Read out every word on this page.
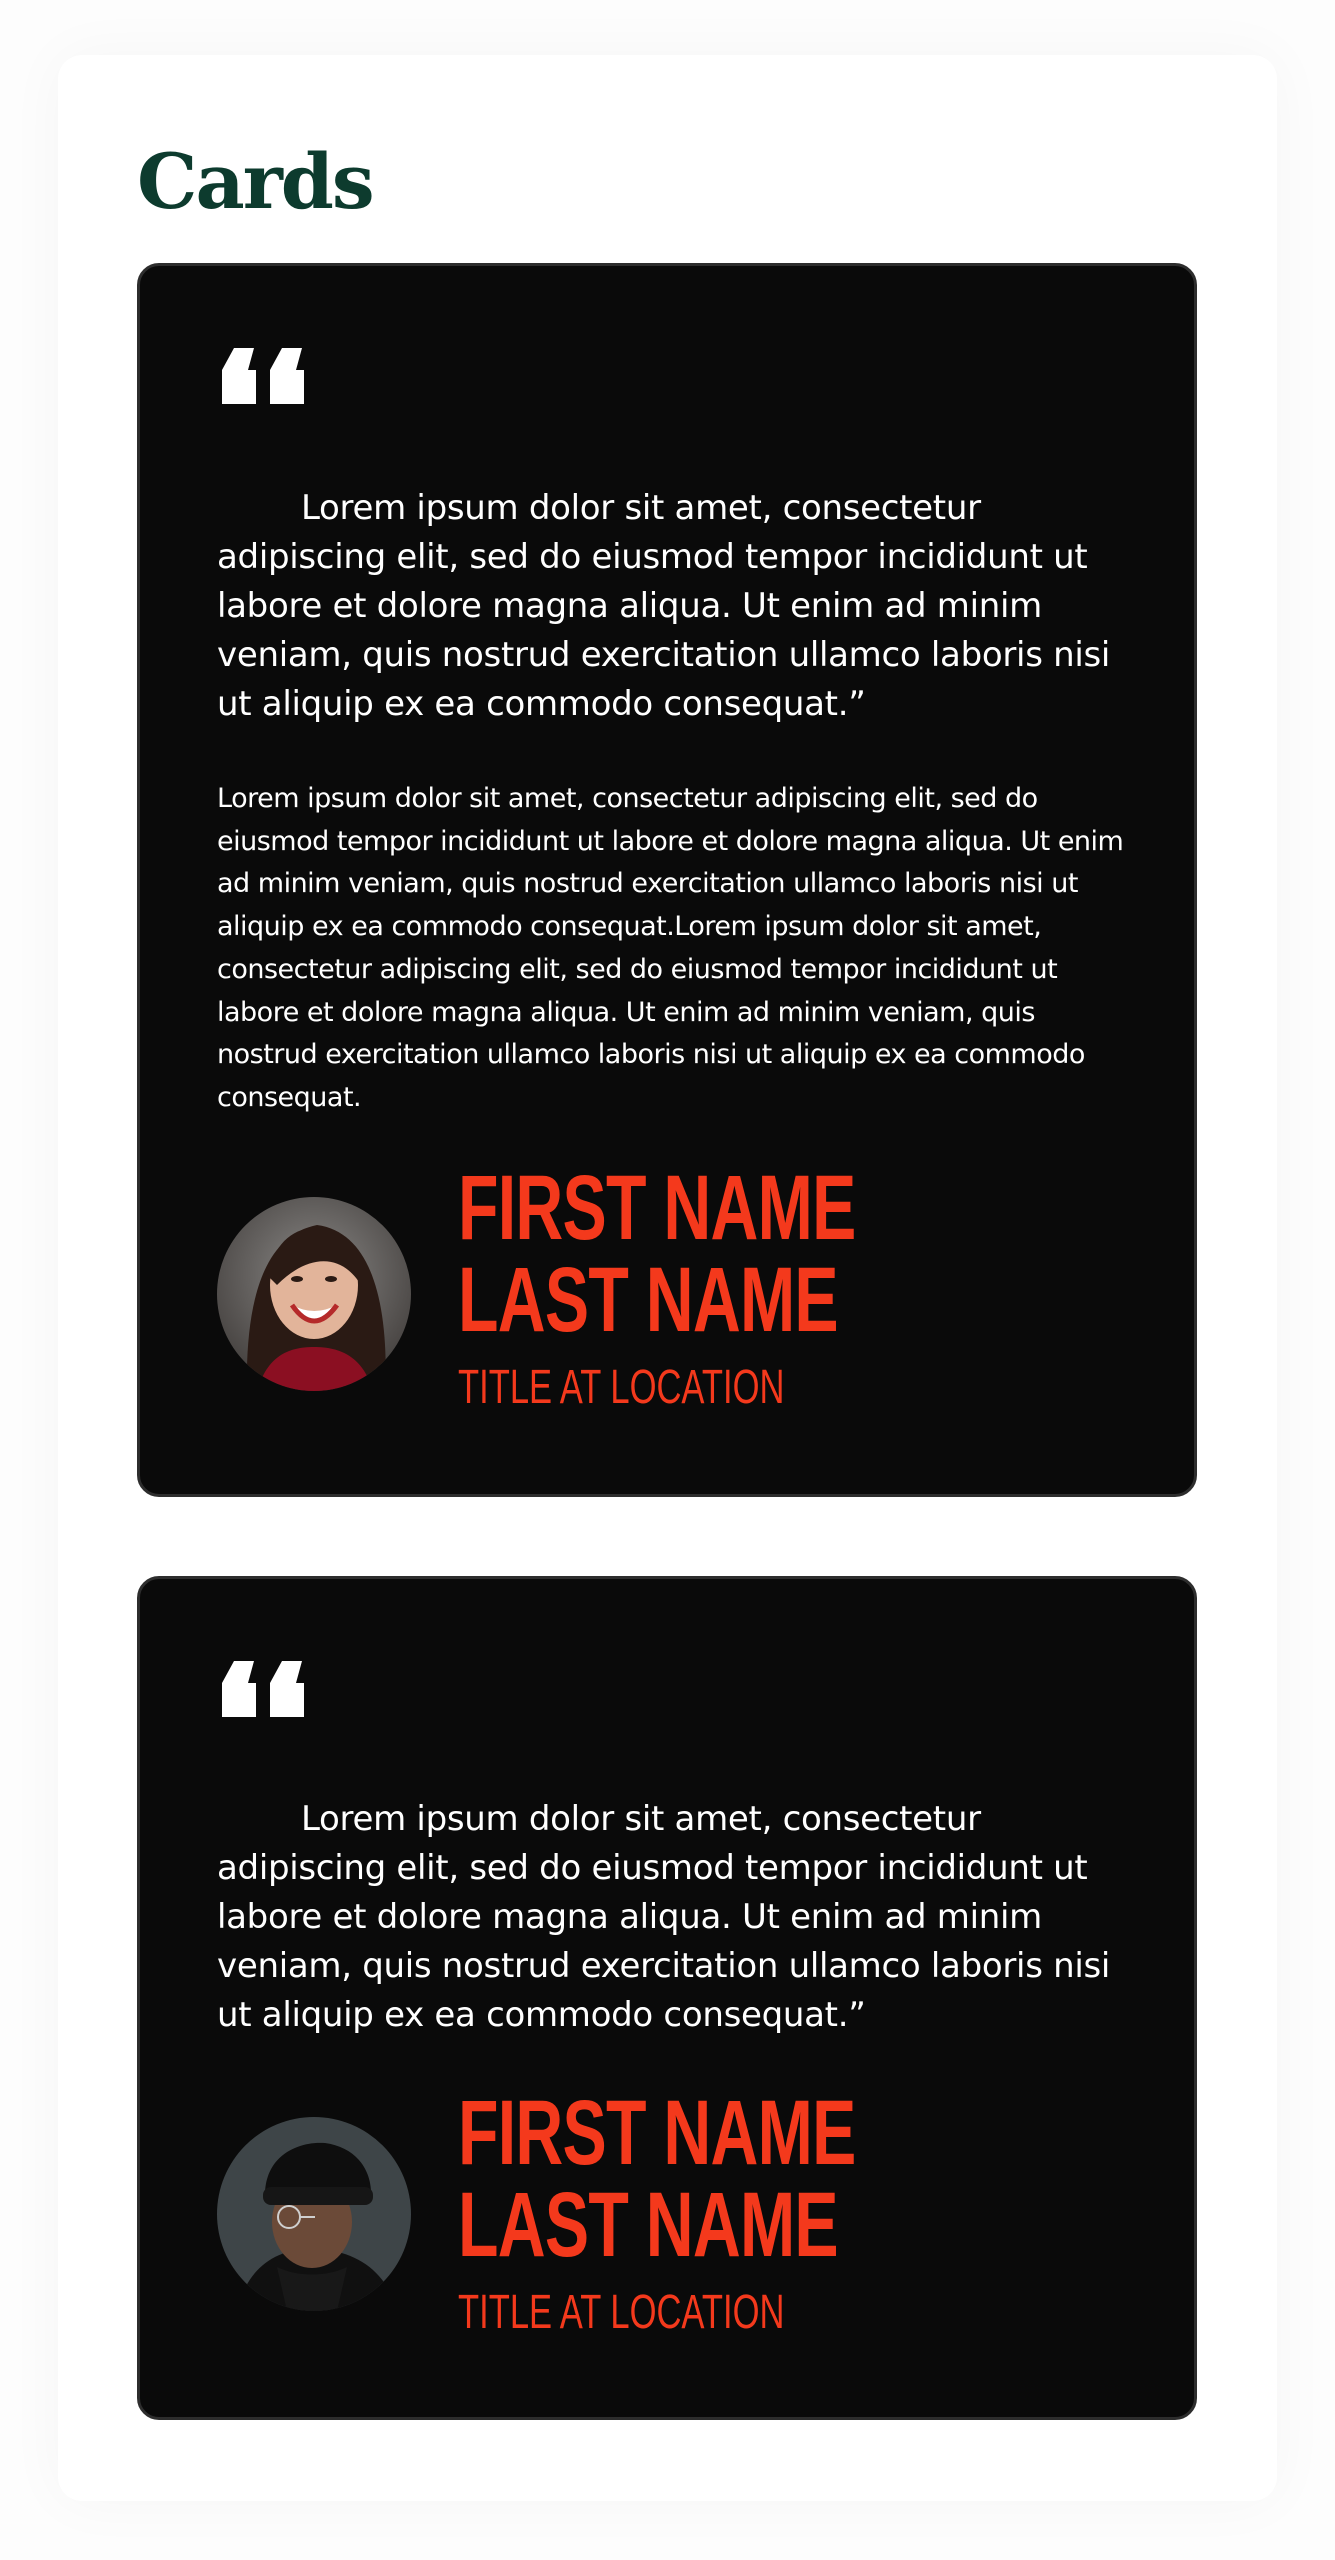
Cards

Lorem ipsum dolor sit amet, consectetur adipiscing elit, sed do eiusmod tempor incididunt ut labore et dolore magna aliqua. Ut enim ad minim veniam, quis nostrud exercitation ullamco laboris nisi ut aliquip ex ea commodo consequat.”

Lorem ipsum dolor sit amet, consectetur adipiscing elit, sed do eiusmod tempor incididunt ut labore et dolore magna aliqua. Ut enim ad minim veniam, quis nostrud exercitation ullamco laboris nisi ut aliquip ex ea commodo consequat.Lorem ipsum dolor sit amet, consectetur adipiscing elit, sed do eiusmod tempor incididunt ut labore et dolore magna aliqua. Ut enim ad minim veniam, quis nostrud exercitation ullamco laboris nisi ut aliquip ex ea commodo consequat.

FIRST NAME
LAST NAME
TITLE AT LOCATION

Lorem ipsum dolor sit amet, consectetur adipiscing elit, sed do eiusmod tempor incididunt ut labore et dolore magna aliqua. Ut enim ad minim veniam, quis nostrud exercitation ullamco laboris nisi ut aliquip ex ea commodo consequat.”

FIRST NAME
LAST NAME
TITLE AT LOCATION
